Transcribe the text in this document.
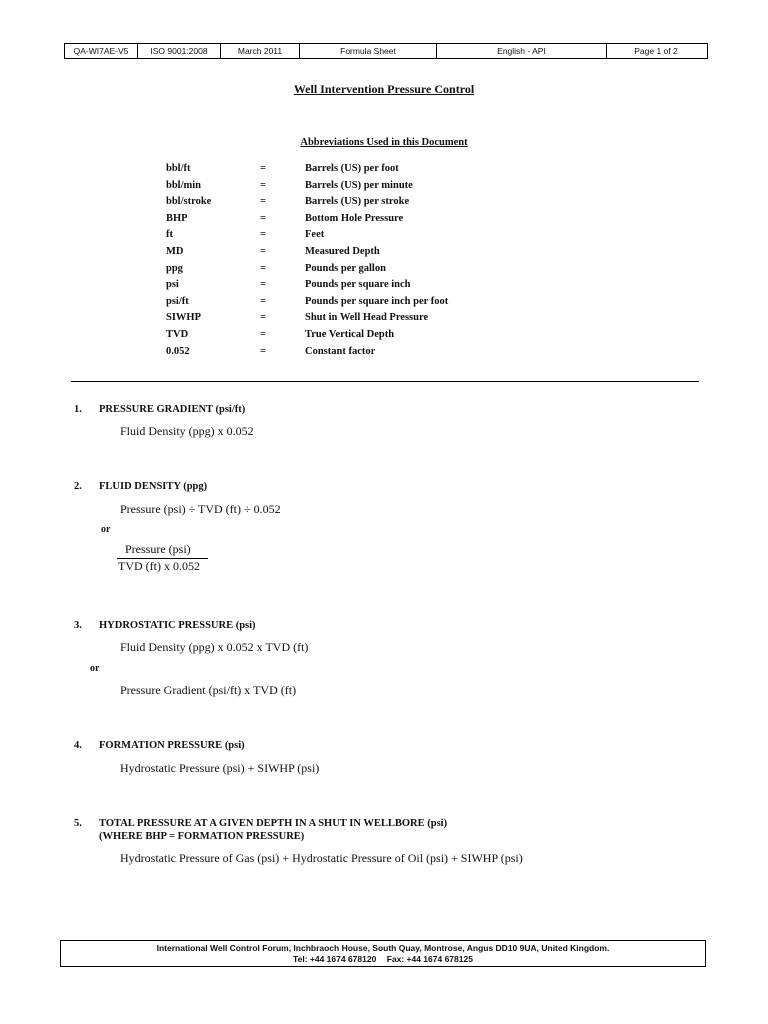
QA-WI7AE-V5	ISO 9001:2008	March 2011	Formula Sheet	English - API	Page 1 of 2
Well Intervention Pressure Control
Abbreviations Used in this Document
bbl/ft	=	Barrels (US) per foot
bbl/min	=	Barrels (US) per minute
bbl/stroke	=	Barrels (US) per stroke
BHP	=	Bottom Hole Pressure
ft	=	Feet
MD	=	Measured Depth
ppg	=	Pounds per gallon
psi	=	Pounds per square inch
psi/ft	=	Pounds per square inch per foot
SIWHP	=	Shut in Well Head Pressure
TVD	=	True Vertical Depth
0.052	=	Constant factor
1. PRESSURE GRADIENT (psi/ft)
Fluid Density (ppg) x 0.052
2. FLUID DENSITY (ppg)
Pressure (psi) ÷ TVD (ft) ÷ 0.052
or
Pressure (psi)
TVD (ft) x 0.052
3. HYDROSTATIC PRESSURE (psi)
Fluid Density (ppg) x 0.052 x TVD (ft)
or
Pressure Gradient (psi/ft) x TVD (ft)
4. FORMATION PRESSURE (psi)
Hydrostatic Pressure (psi) + SIWHP (psi)
5. TOTAL PRESSURE AT A GIVEN DEPTH IN A SHUT IN WELLBORE (psi)
(WHERE BHP = FORMATION PRESSURE)
Hydrostatic Pressure of Gas (psi) + Hydrostatic Pressure of Oil (psi) + SIWHP (psi)
International Well Control Forum, Inchbraoch House, South Quay, Montrose, Angus DD10 9UA, United Kingdom.
Tel: +44 1674 678120 Fax: +44 1674 678125
